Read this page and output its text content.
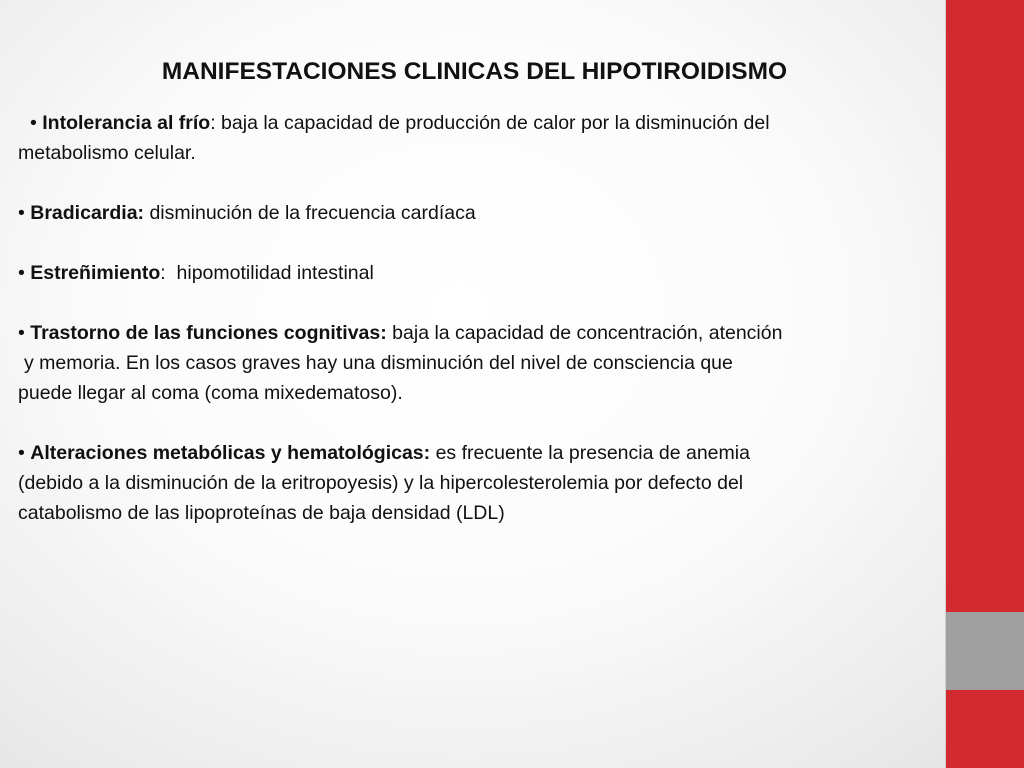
MANIFESTACIONES CLINICAS DEL HIPOTIROIDISMO

• Intolerancia al frío: baja la capacidad de producción de calor por la disminución del
metabolismo celular.

• Bradicardia: disminución de la frecuencia cardíaca

• Estreñimiento:  hipomotilidad intestinal

• Trastorno de las funciones cognitivas: baja la capacidad de concentración, atención
y memoria. En los casos graves hay una disminución del nivel de consciencia que
puede llegar al coma (coma mixedematoso).

• Alteraciones metabólicas y hematológicas: es frecuente la presencia de anemia
(debido a la disminución de la eritropoyesis) y la hipercolesterolemia por defecto del
catabolismo de las lipoproteínas de baja densidad (LDL)
